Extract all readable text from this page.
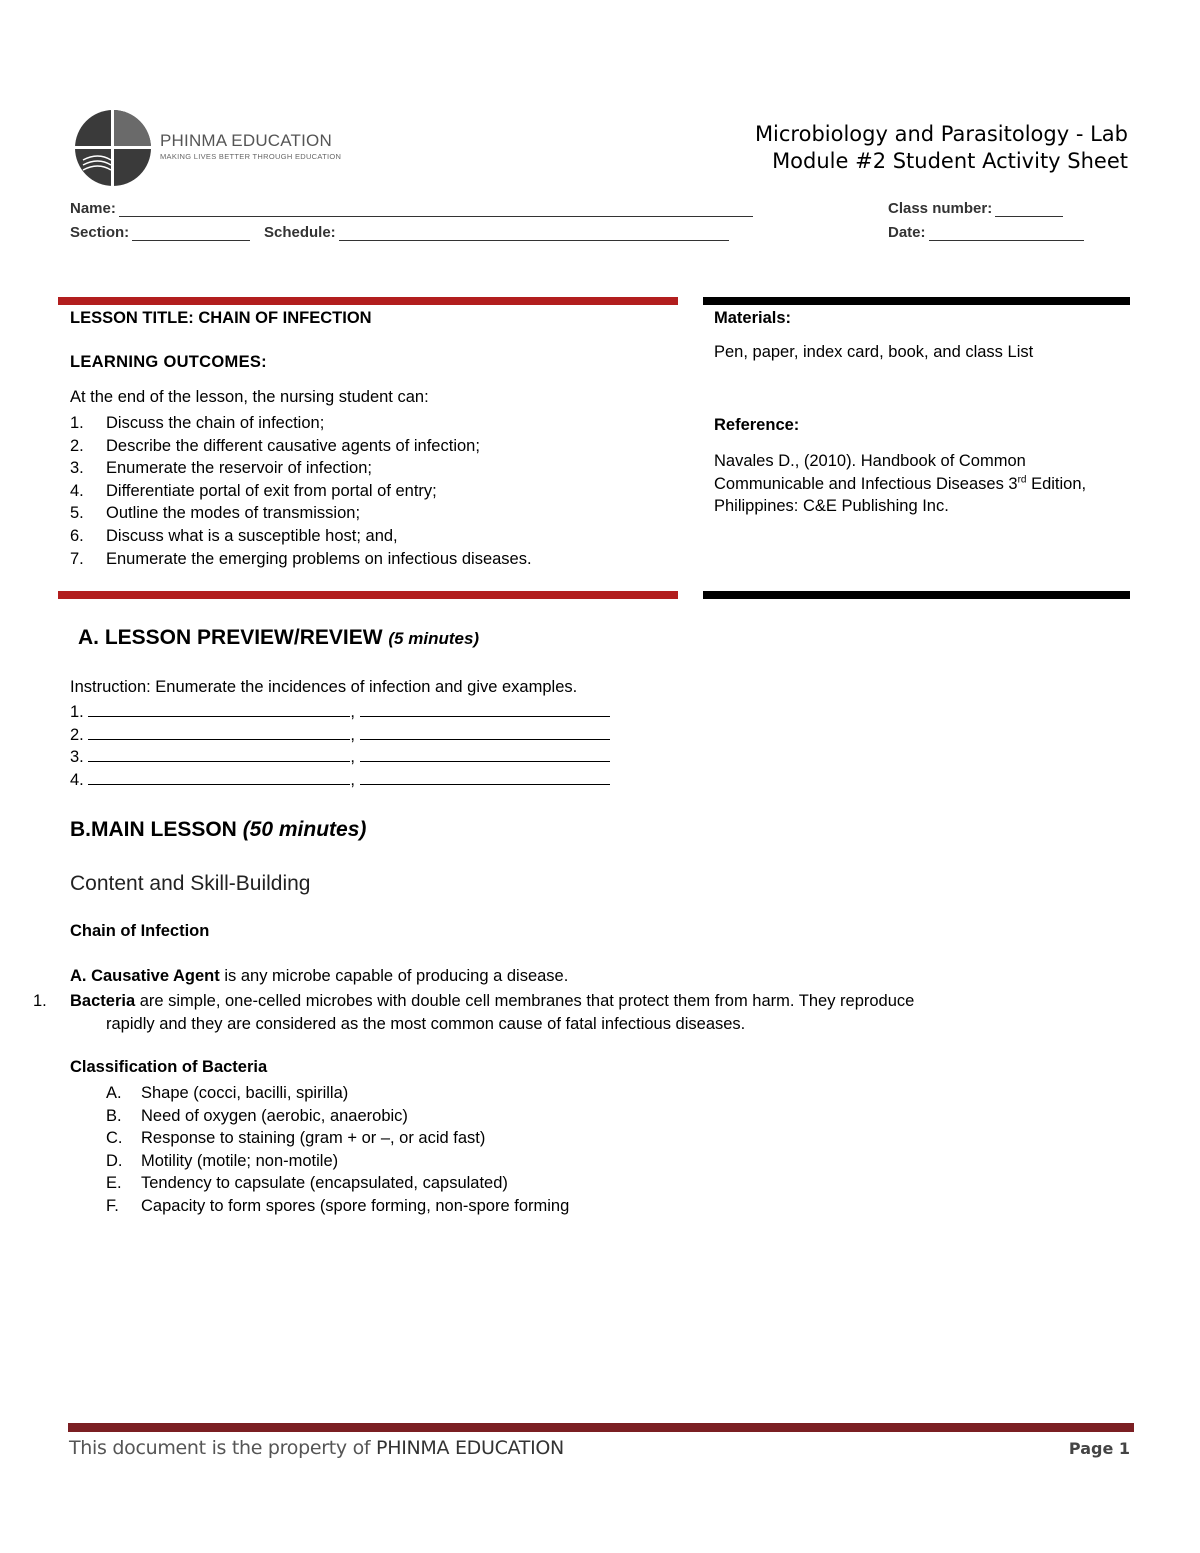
PHINMA EDUCATION
MAKING LIVES BETTER THROUGH EDUCATION
Microbiology and Parasitology - Lab
Module #2 Student Activity Sheet
Name:
Section:	Schedule:
Class number:
Date:
LESSON TITLE: CHAIN OF INFECTION
LEARNING OUTCOMES:
At the end of the lesson, the nursing student can:
1. Discuss the chain of infection;
2. Describe the different causative agents of infection;
3. Enumerate the reservoir of infection;
4. Differentiate portal of exit from portal of entry;
5. Outline the modes of transmission;
6. Discuss what is a susceptible host; and,
7. Enumerate the emerging problems on infectious diseases.
Materials:
Pen, paper, index card, book, and class List
Reference:
Navales D., (2010). Handbook of Common Communicable and Infectious Diseases 3rd Edition, Philippines: C&E Publishing Inc.
A. LESSON PREVIEW/REVIEW (5 minutes)
Instruction: Enumerate the incidences of infection and give examples.
1.	,
2.	,
3.	,
4.	,
B.MAIN LESSON (50 minutes)
Content and Skill-Building
Chain of Infection
A. Causative Agent is any microbe capable of producing a disease.
1. Bacteria are simple, one-celled microbes with double cell membranes that protect them from harm. They reproduce
rapidly and they are considered as the most common cause of fatal infectious diseases.
Classification of Bacteria
A. Shape (cocci, bacilli, spirilla)
B. Need of oxygen (aerobic, anaerobic)
C. Response to staining (gram + or –, or acid fast)
D. Motility (motile; non-motile)
E. Tendency to capsulate (encapsulated, capsulated)
F. Capacity to form spores (spore forming, non-spore forming
This document is the property of PHINMA EDUCATION	Page 1
